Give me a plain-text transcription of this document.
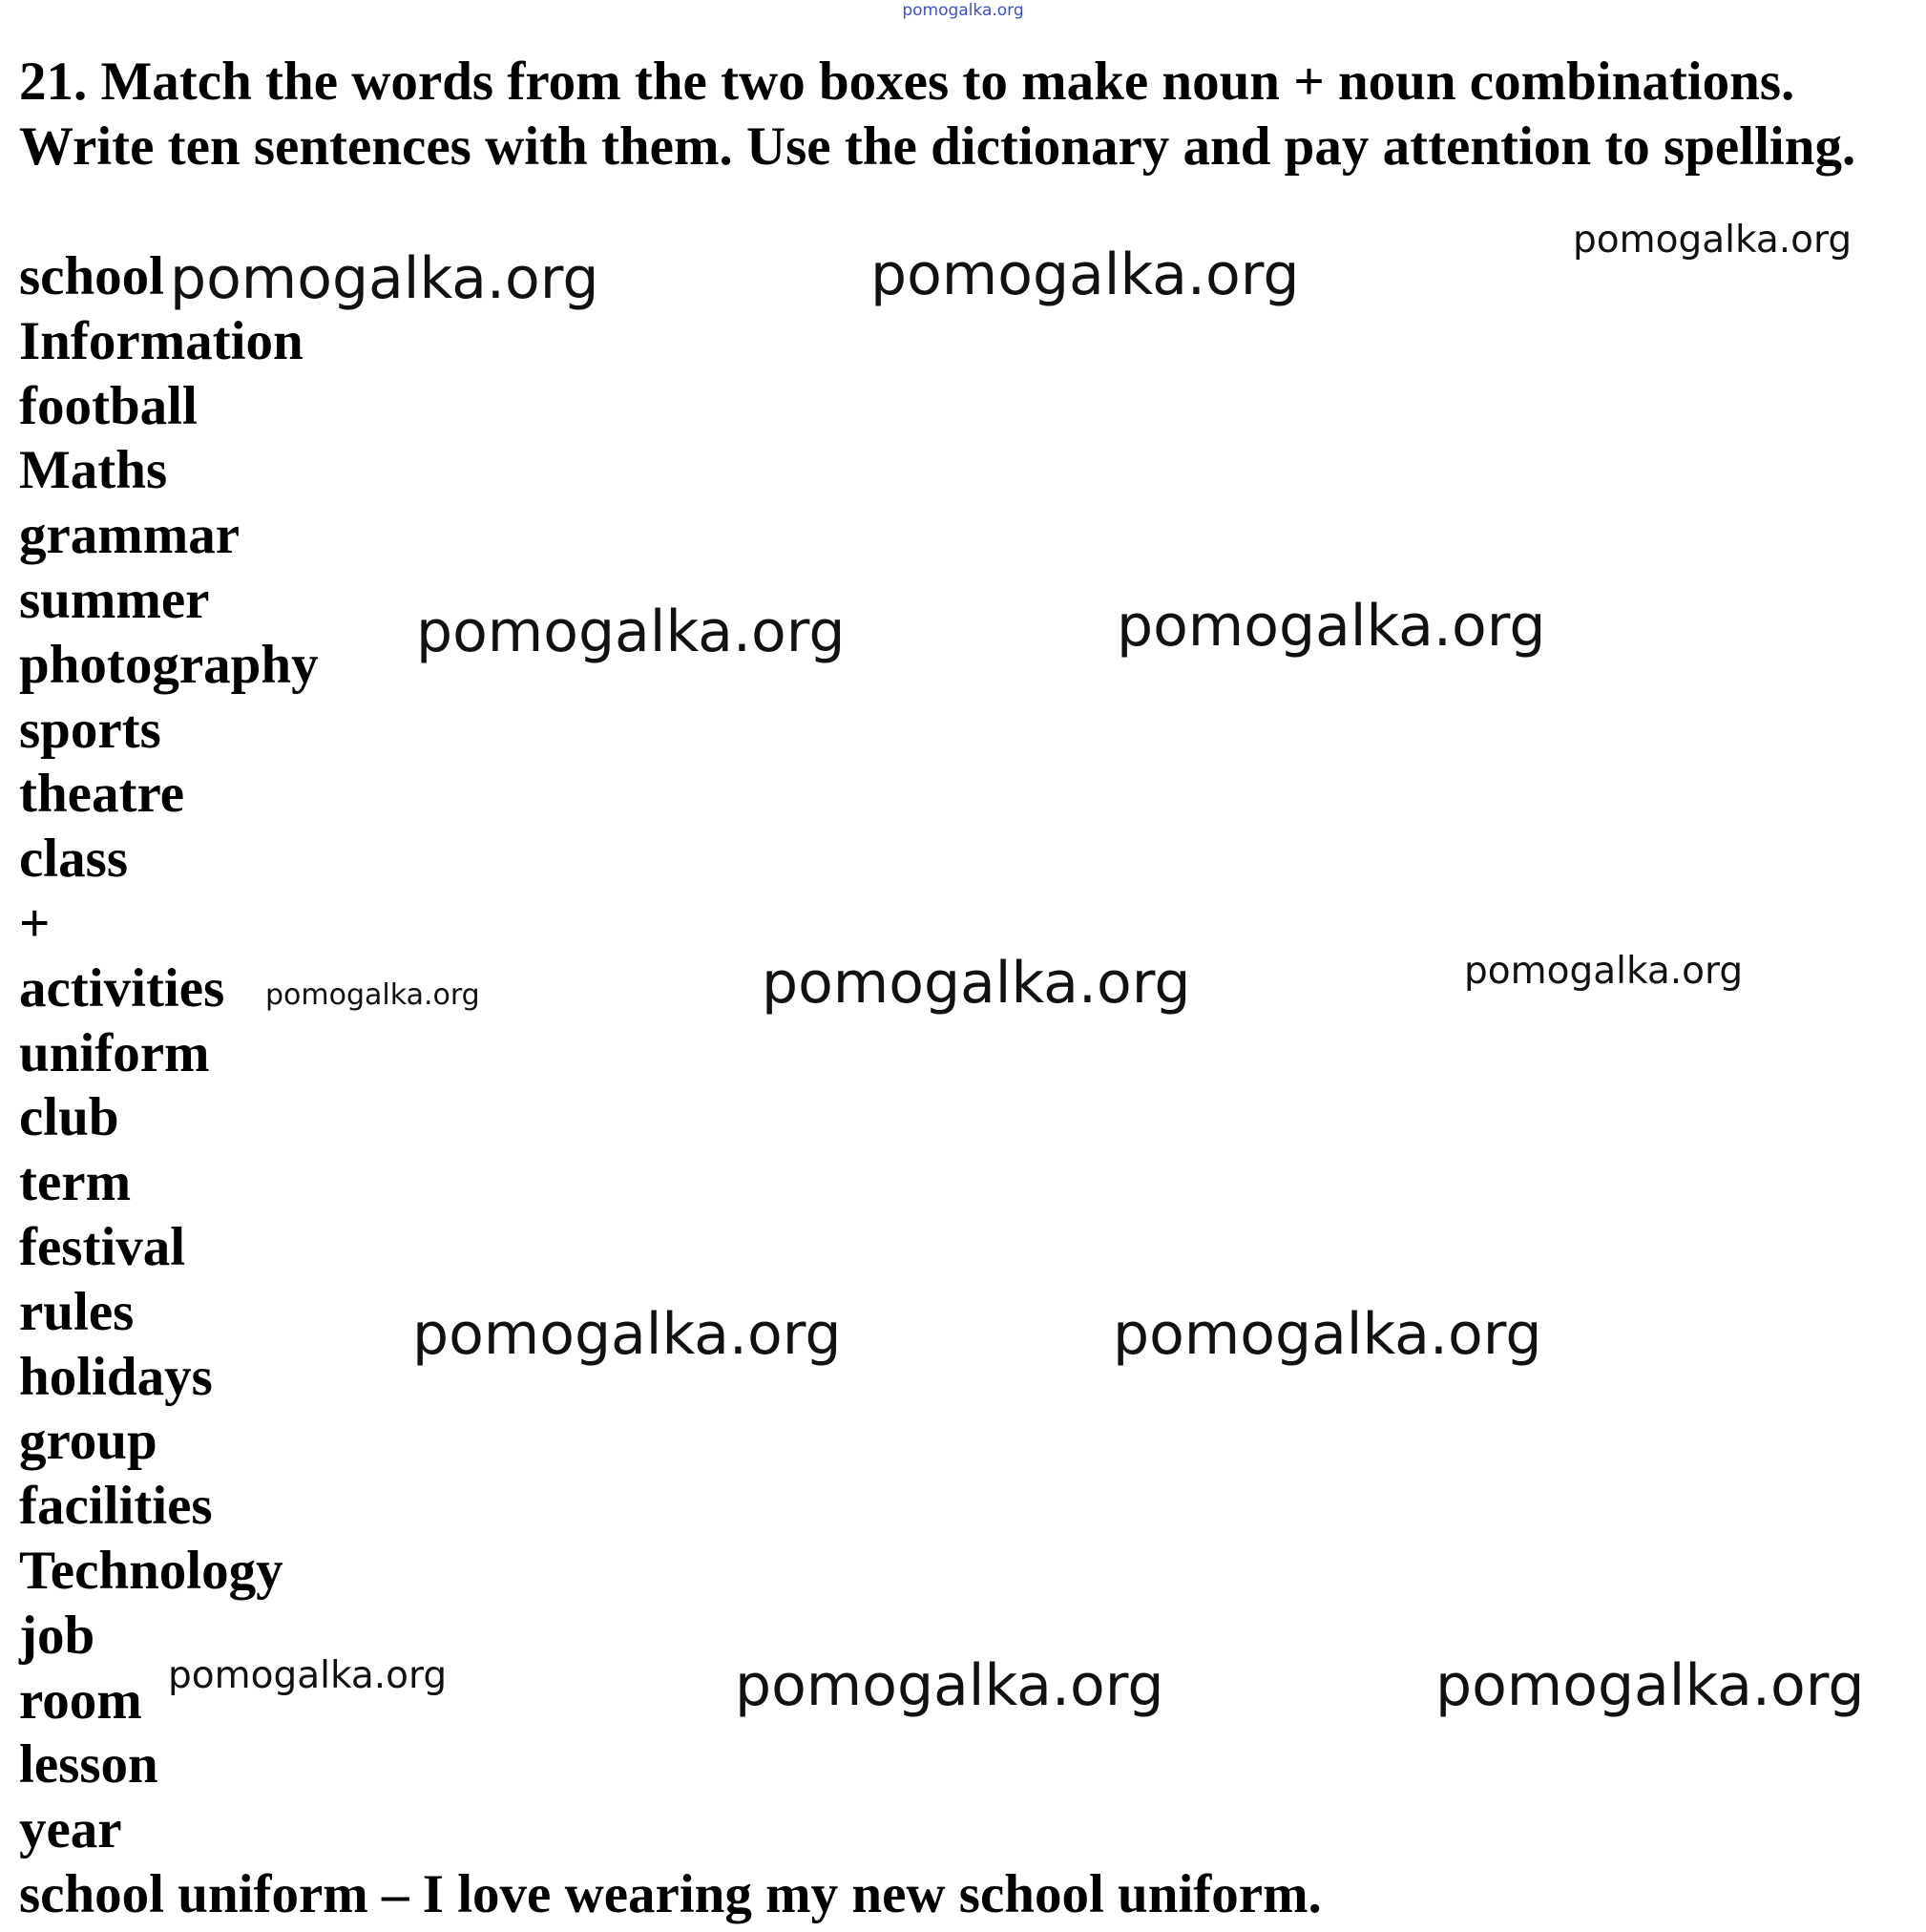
pomogalka.org

21. Match the words from the two boxes to make noun + noun combinations. Write ten sentences with them. Use the dictionary and pay attention to spelling.

school
Information
football
Maths
grammar
summer
photography
sports
theatre
class
+
activities
uniform
club
term
festival
rules
holidays
group
facilities
Technology
job
room
lesson
year

school uniform – I love wearing my new school uniform.

pomogalka.org	pomogalka.org
pomogalka.org
pomogalka.org	pomogalka.org
pomogalka.org	pomogalka.org	pomogalka.org
pomogalka.org	pomogalka.org
pomogalka.org	pomogalka.org	pomogalka.org
